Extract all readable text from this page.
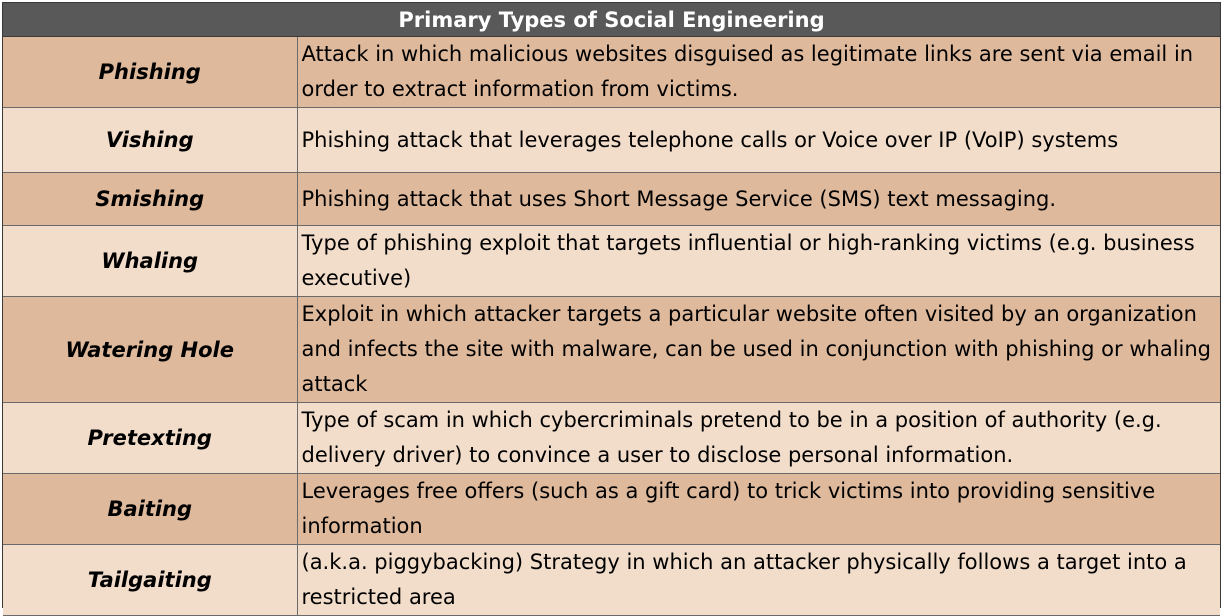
Primary Types of Social Engineering
Phishing	Attack in which malicious websites disguised as legitimate links are sent via email in order to extract information from victims.
Vishing	Phishing attack that leverages telephone calls or Voice over IP (VoIP) systems
Smishing	Phishing attack that uses Short Message Service (SMS) text messaging.
Whaling	Type of phishing exploit that targets influential or high-ranking victims (e.g. business executive)
Watering Hole	Exploit in which attacker targets a particular website often visited by an organization and infects the site with malware, can be used in conjunction with phishing or whaling attack
Pretexting	Type of scam in which cybercriminals pretend to be in a position of authority (e.g. delivery driver) to convince a user to disclose personal information.
Baiting	Leverages free offers (such as a gift card) to trick victims into providing sensitive information
Tailgaiting	(a.k.a. piggybacking) Strategy in which an attacker physically follows a target into a restricted area
